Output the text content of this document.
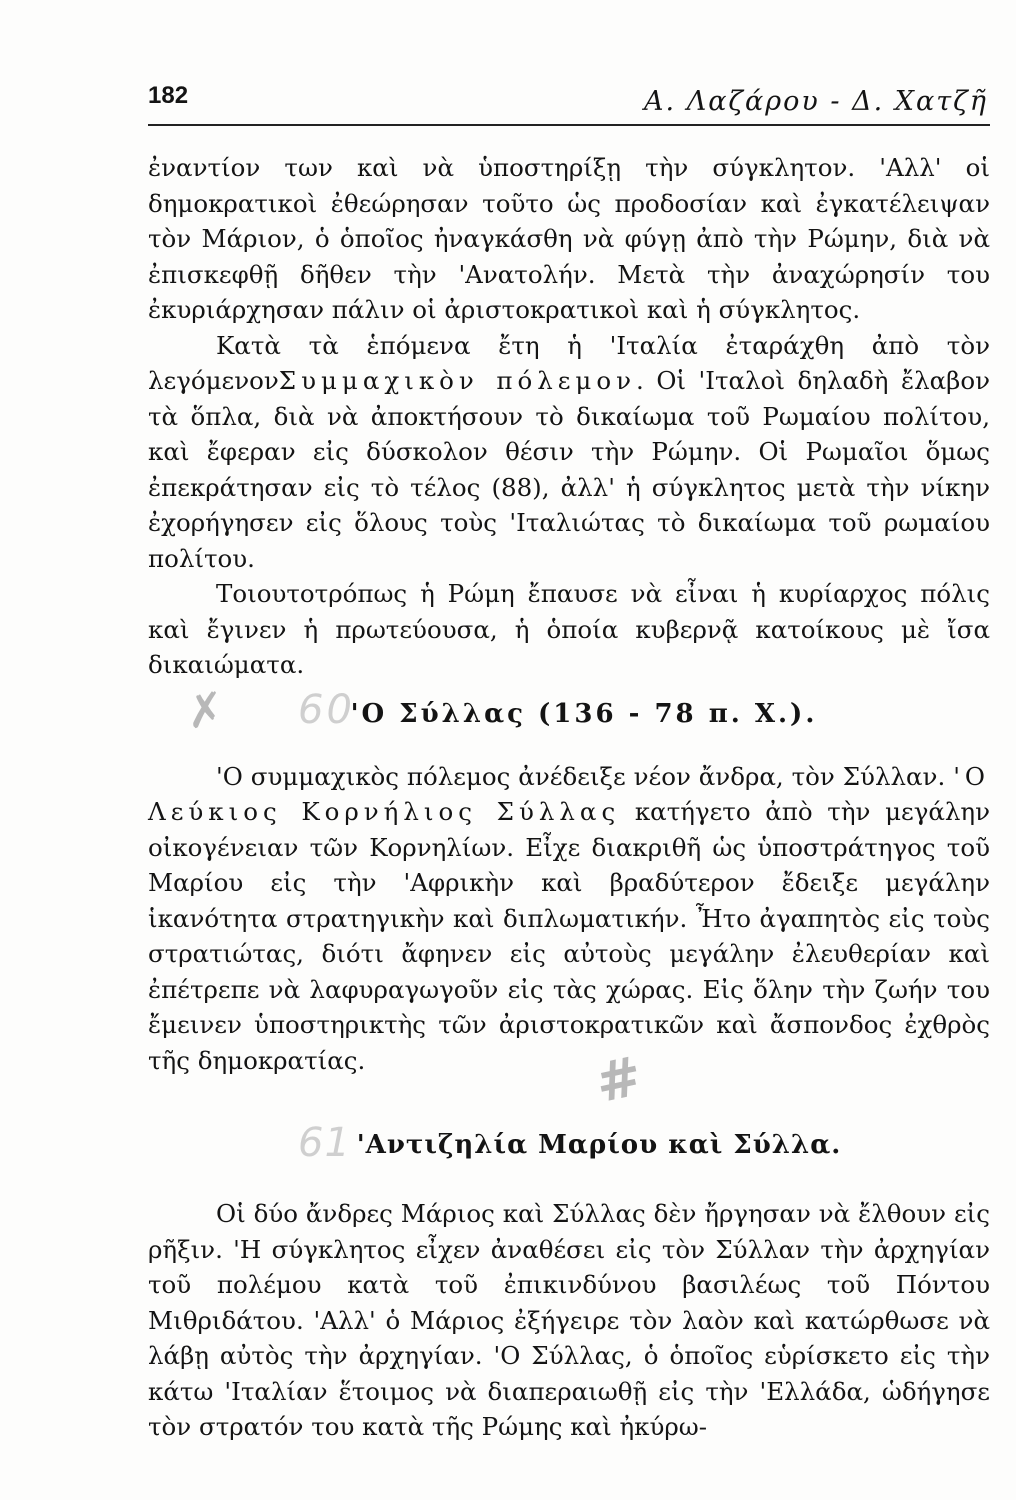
182	Α. Λαζάρου - Δ. Χατζῆ

ἐναντίον των καὶ νὰ ὑποστηρίξῃ τὴν σύγκλητον. 'Αλλ' οἱ δημοκρατικοὶ ἐθεώρησαν τοῦτο ὡς προδοσίαν καὶ ἐγκατέλειψαν τὸν Μάριον, ὁ ὁποῖος ἠναγκάσθη νὰ φύγῃ ἀπὸ τὴν Ρώμην, διὰ νὰ ἐπισκεφθῇ δῆθεν τὴν 'Ανατολήν. Μετὰ τὴν ἀναχώρησίν του ἐκυριάρχησαν πάλιν οἱ ἀριστοκρατικοὶ καὶ ἡ σύγκλητος.

Κατὰ τὰ ἑπόμενα ἔτη ἡ 'Ιταλία ἐταράχθη ἀπὸ τὸν λεγόμενονΣυμμαχικὸν πόλεμον. Οἱ 'Ιταλοὶ δηλαδὴ ἔλαβον τὰ ὅπλα, διὰ νὰ ἀποκτήσουν τὸ δικαίωμα τοῦ Ρωμαίου πολίτου, καὶ ἔφεραν εἰς δύσκολον θέσιν τὴν Ρώμην. Οἱ Ρωμαῖοι ὅμως ἐπεκράτησαν εἰς τὸ τέλος (88), ἀλλ' ἡ σύγκλητος μετὰ τὴν νίκην ἐχορήγησεν εἰς ὅλους τοὺς 'Ιταλιώτας τὸ δικαίωμα τοῦ ρωμαίου πολίτου.

Τοιουτοτρόπως ἡ Ρώμη ἔπαυσε νὰ εἶναι ἡ κυρίαρχος πόλις καὶ ἔγινεν ἡ πρωτεύουσα, ἡ ὁποία κυβερνᾷ κατοίκους μὲ ἴσα δικαιώματα.

✗ 60
'Ο Σύλλας (136 - 78 π. Χ.).

'Ο συμμαχικὸς πόλεμος ἀνέδειξε νέον ἄνδρα, τὸν Σύλλαν. 'Ο Λεύκιος Κορνήλιος Σύλλας κατήγετο ἀπὸ τὴν μεγάλην οἰκογένειαν τῶν Κορνηλίων. Εἶχε διακριθῆ ὡς ὑποστράτηγος τοῦ Μαρίου εἰς τὴν 'Αφρικὴν καὶ βραδύτερον ἔδειξε μεγάλην ἱκανότητα στρατηγικὴν καὶ διπλωματικήν. Ἦτο ἀγαπητὸς εἰς τοὺς στρατιώτας, διότι ἄφηνεν εἰς αὐτοὺς μεγάλην ἐλευθερίαν καὶ ἐπέτρεπε νὰ λαφυραγωγοῦν εἰς τὰς χώρας. Εἰς ὅλην τὴν ζωήν του ἔμεινεν ὑποστηρικτὴς τῶν ἀριστοκρατικῶν καὶ ἄσπονδος ἐχθρὸς τῆς δημοκρατίας.	#
61 'Αντιζηλία Μαρίου καὶ Σύλλα.

Οἱ δύο ἄνδρες Μάριος καὶ Σύλλας δὲν ἤργησαν νὰ ἔλθουν εἰς ρῆξιν. 'Η σύγκλητος εἶχεν ἀναθέσει εἰς τὸν Σύλλαν τὴν ἀρχηγίαν τοῦ πολέμου κατὰ τοῦ ἐπικινδύνου βασιλέως τοῦ Πόντου Μιθριδάτου. 'Αλλ' ὁ Μάριος ἐξήγειρε τὸν λαὸν καὶ κατώρθωσε νὰ λάβῃ αὐτὸς τὴν ἀρχηγίαν. 'Ο Σύλλας, ὁ ὁποῖος εὑρίσκετο εἰς τὴν κάτω 'Ιταλίαν ἕτοιμος νὰ διαπεραιωθῇ εἰς τὴν 'Ελλάδα, ὡδήγησε τὸν στρατόν του κατὰ τῆς Ρώμης καὶ ἠκύρω-
